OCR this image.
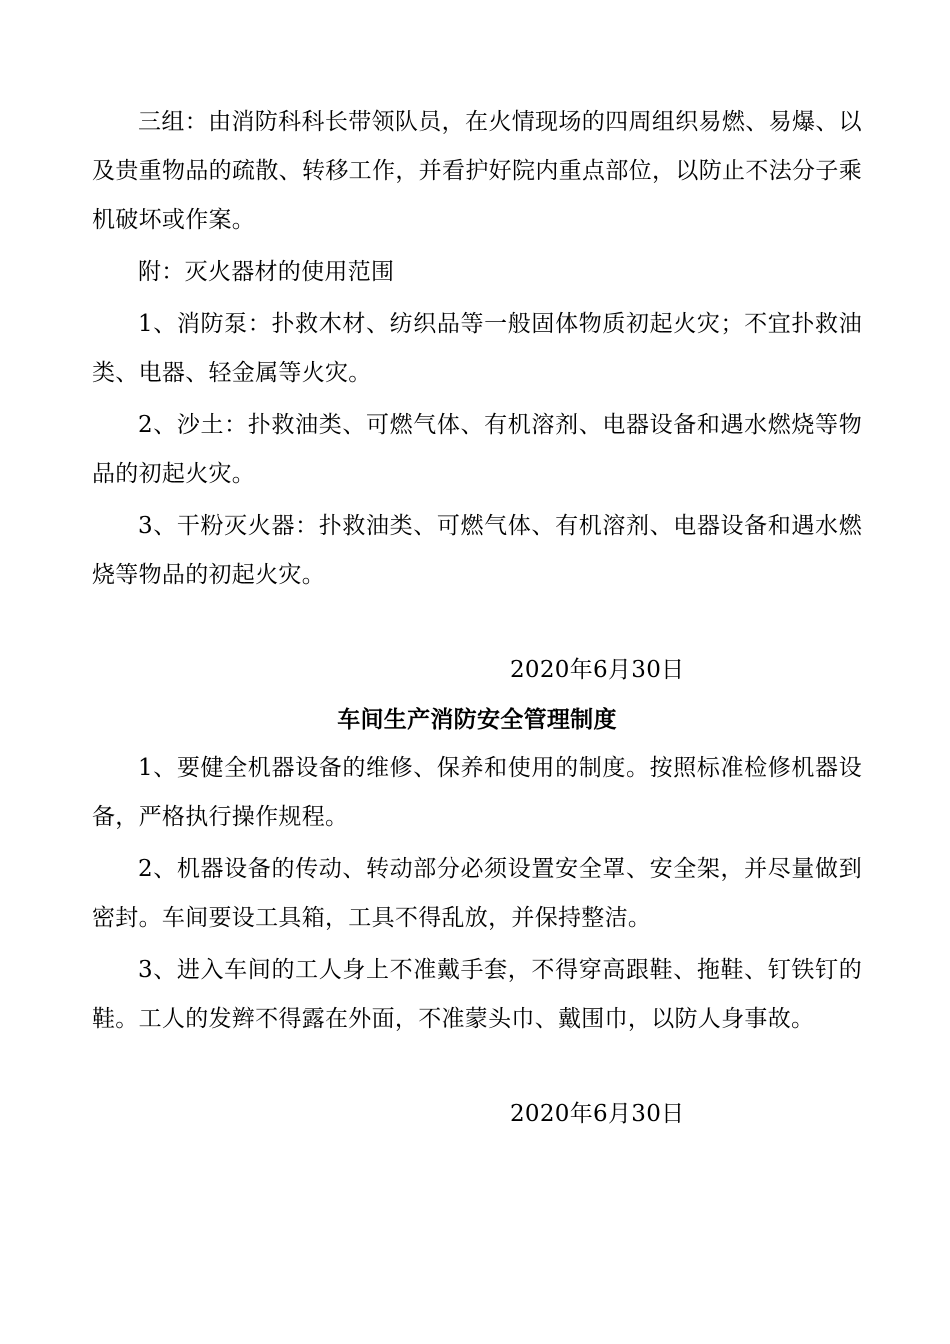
三组：由消防科科长带领队员，在火情现场的四周组织易燃、易爆、以及贵重物品的疏散、转移工作，并看护好院内重点部位，以防止不法分子乘机破坏或作案。

附：灭火器材的使用范围

1、消防泵：扑救木材、纺织品等一般固体物质初起火灾；不宜扑救油类、电器、轻金属等火灾。

2、沙土：扑救油类、可燃气体、有机溶剂、电器设备和遇水燃烧等物品的初起火灾。

3、干粉灭火器：扑救油类、可燃气体、有机溶剂、电器设备和遇水燃烧等物品的初起火灾。

2020年6月30日

车间生产消防安全管理制度

1、要健全机器设备的维修、保养和使用的制度。按照标准检修机器设备，严格执行操作规程。

2、机器设备的传动、转动部分必须设置安全罩、安全架，并尽量做到密封。车间要设工具箱，工具不得乱放，并保持整洁。

3、进入车间的工人身上不准戴手套，不得穿高跟鞋、拖鞋、钉铁钉的鞋。工人的发辫不得露在外面，不准蒙头巾、戴围巾，以防人身事故。

2020年6月30日
